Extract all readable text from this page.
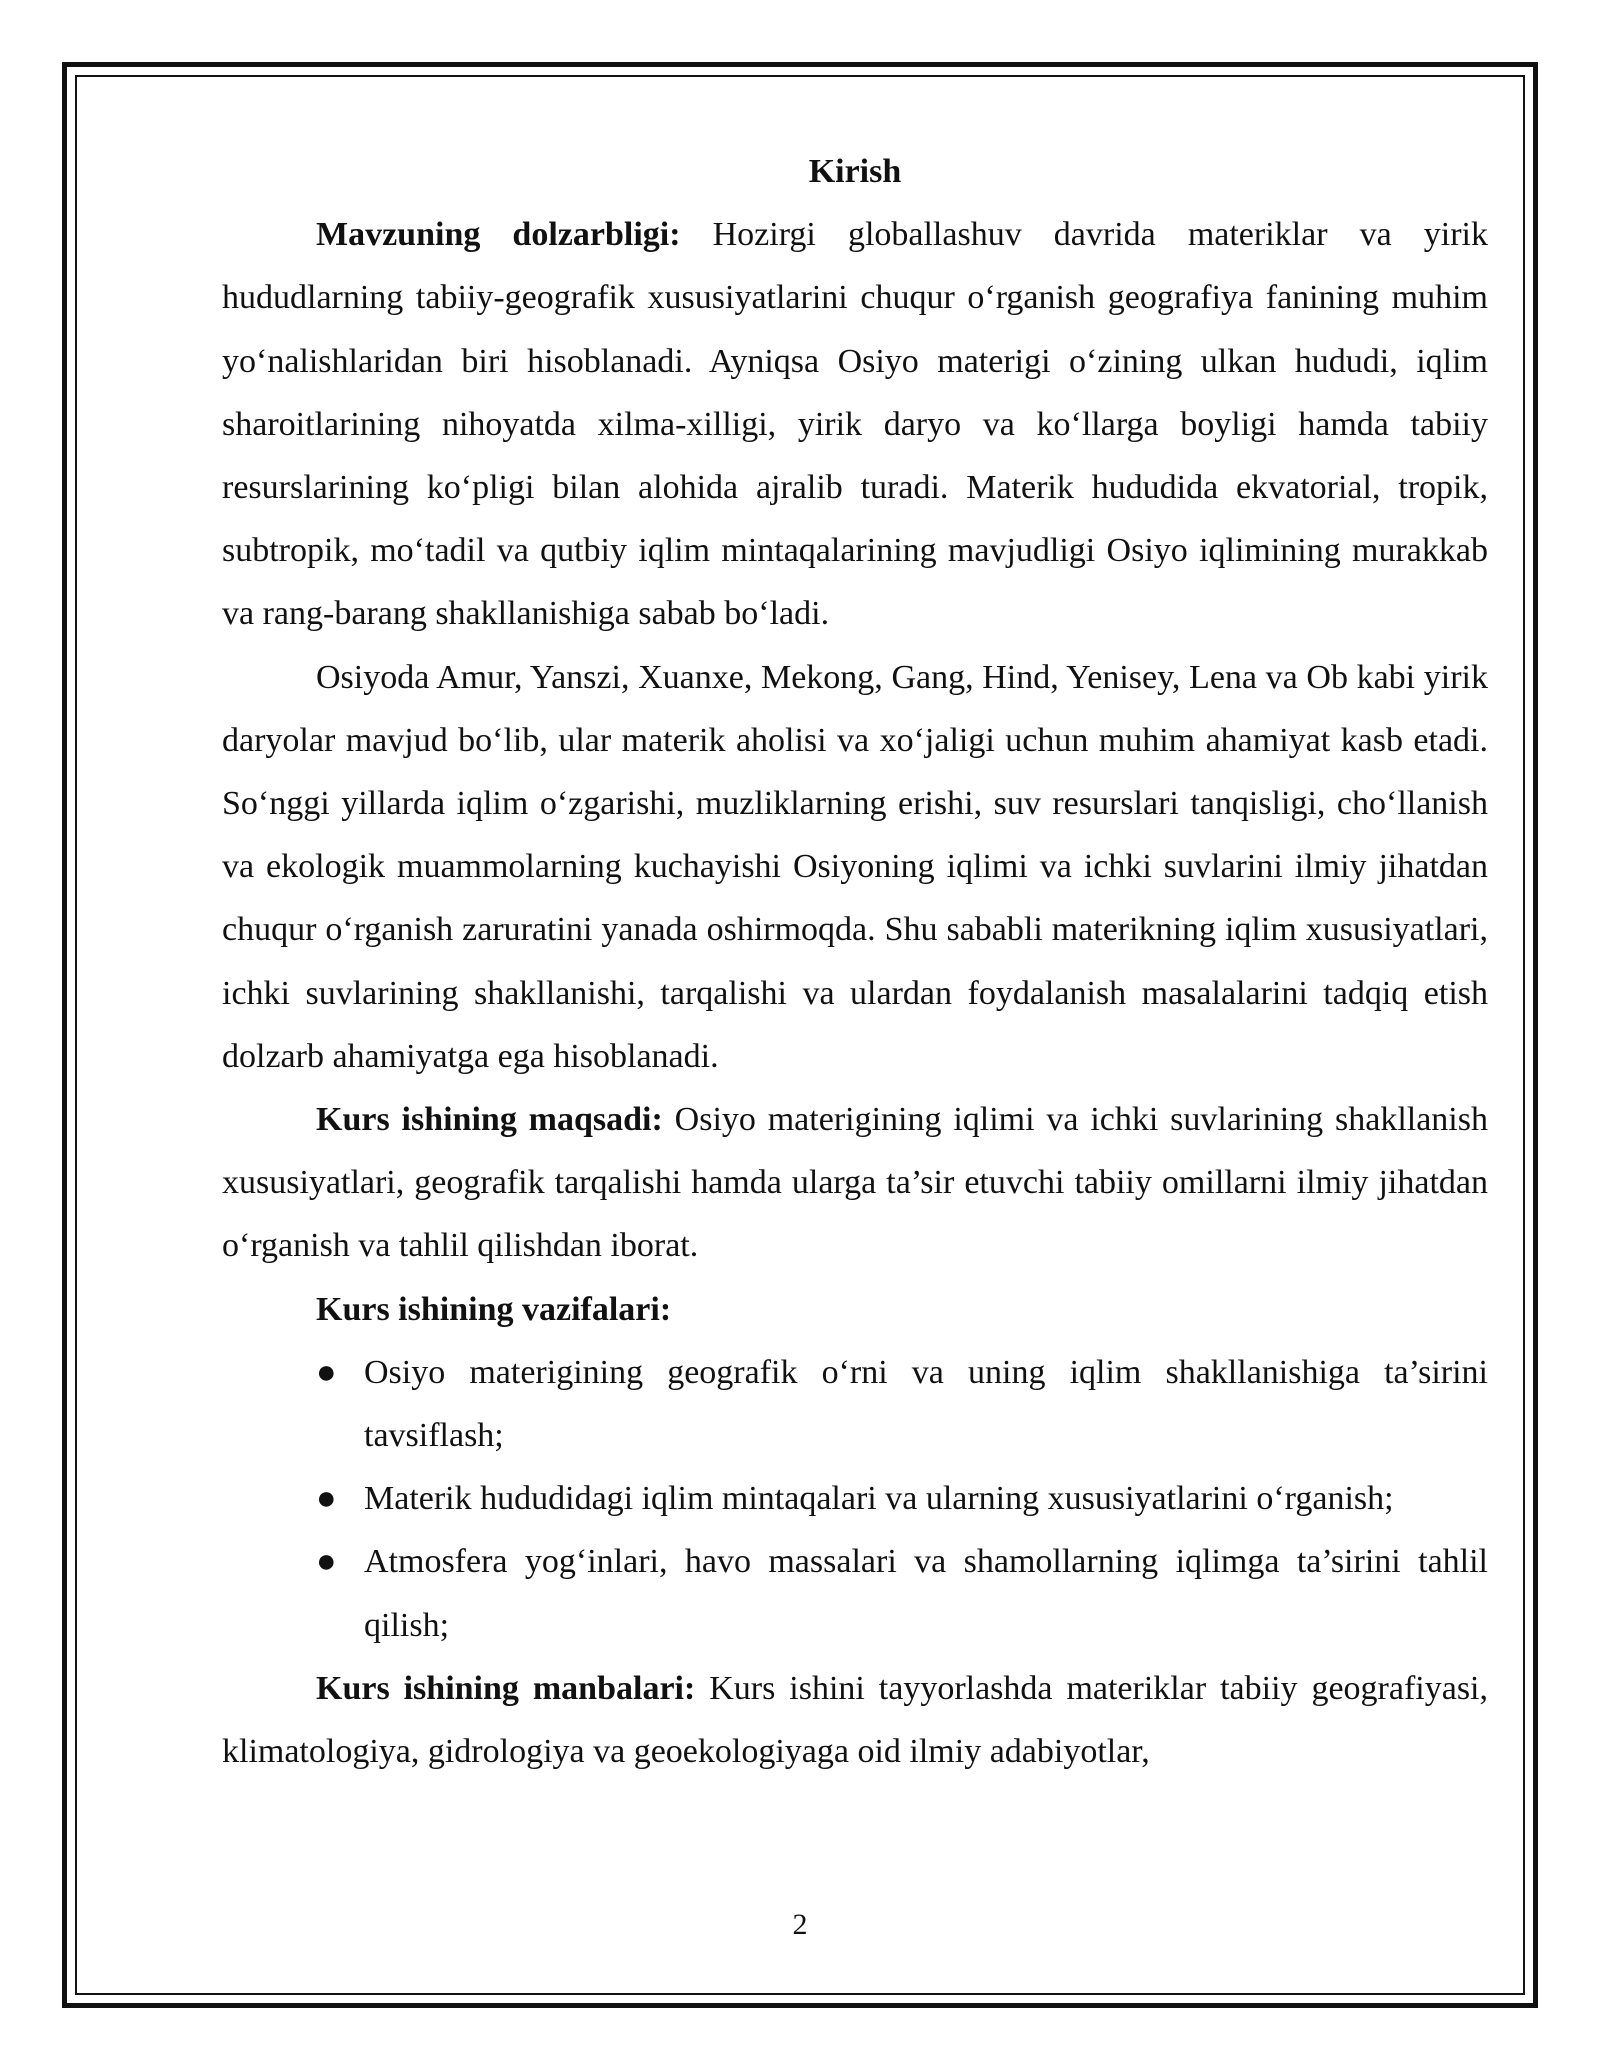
Kirish

Mavzuning dolzarbligi: Hozirgi globallashuv davrida materiklar va yirik hududlarning tabiiy-geografik xususiyatlarini chuqur o‘rganish geografiya fanining muhim yo‘nalishlaridan biri hisoblanadi. Ayniqsa Osiyo materigi o‘zining ulkan hududi, iqlim sharoitlarining nihoyatda xilma-xilligi, yirik daryo va ko‘llarga boyligi hamda tabiiy resurslarining ko‘pligi bilan alohida ajralib turadi. Materik hududida ekvatorial, tropik, subtropik, mo‘tadil va qutbiy iqlim mintaqalarining mavjudligi Osiyo iqlimining murakkab va rang-barang shakllanishiga sabab bo‘ladi.

Osiyoda Amur, Yanszi, Xuanxe, Mekong, Gang, Hind, Yenisey, Lena va Ob kabi yirik daryolar mavjud bo‘lib, ular materik aholisi va xo‘jaligi uchun muhim ahamiyat kasb etadi. So‘nggi yillarda iqlim o‘zgarishi, muzliklarning erishi, suv resurslari tanqisligi, cho‘llanish va ekologik muammolarning kuchayishi Osiyoning iqlimi va ichki suvlarini ilmiy jihatdan chuqur o‘rganish zaruratini yanada oshirmoqda. Shu sababli materikning iqlim xususiyatlari, ichki suvlarining shakllanishi, tarqalishi va ulardan foydalanish masalalarini tadqiq etish dolzarb ahamiyatga ega hisoblanadi.

Kurs ishining maqsadi: Osiyo materigining iqlimi va ichki suvlarining shakllanish xususiyatlari, geografik tarqalishi hamda ularga ta’sir etuvchi tabiiy omillarni ilmiy jihatdan o‘rganish va tahlil qilishdan iborat.

Kurs ishining vazifalari:

● Osiyo materigining geografik o‘rni va uning iqlim shakllanishiga ta’sirini tavsiflash;
● Materik hududidagi iqlim mintaqalari va ularning xususiyatlarini o‘rganish;
● Atmosfera yog‘inlari, havo massalari va shamollarning iqlimga ta’sirini tahlil qilish;

Kurs ishining manbalari: Kurs ishini tayyorlashda materiklar tabiiy geografiyasi, klimatologiya, gidrologiya va geoekologiyaga oid ilmiy adabiyotlar,

2
